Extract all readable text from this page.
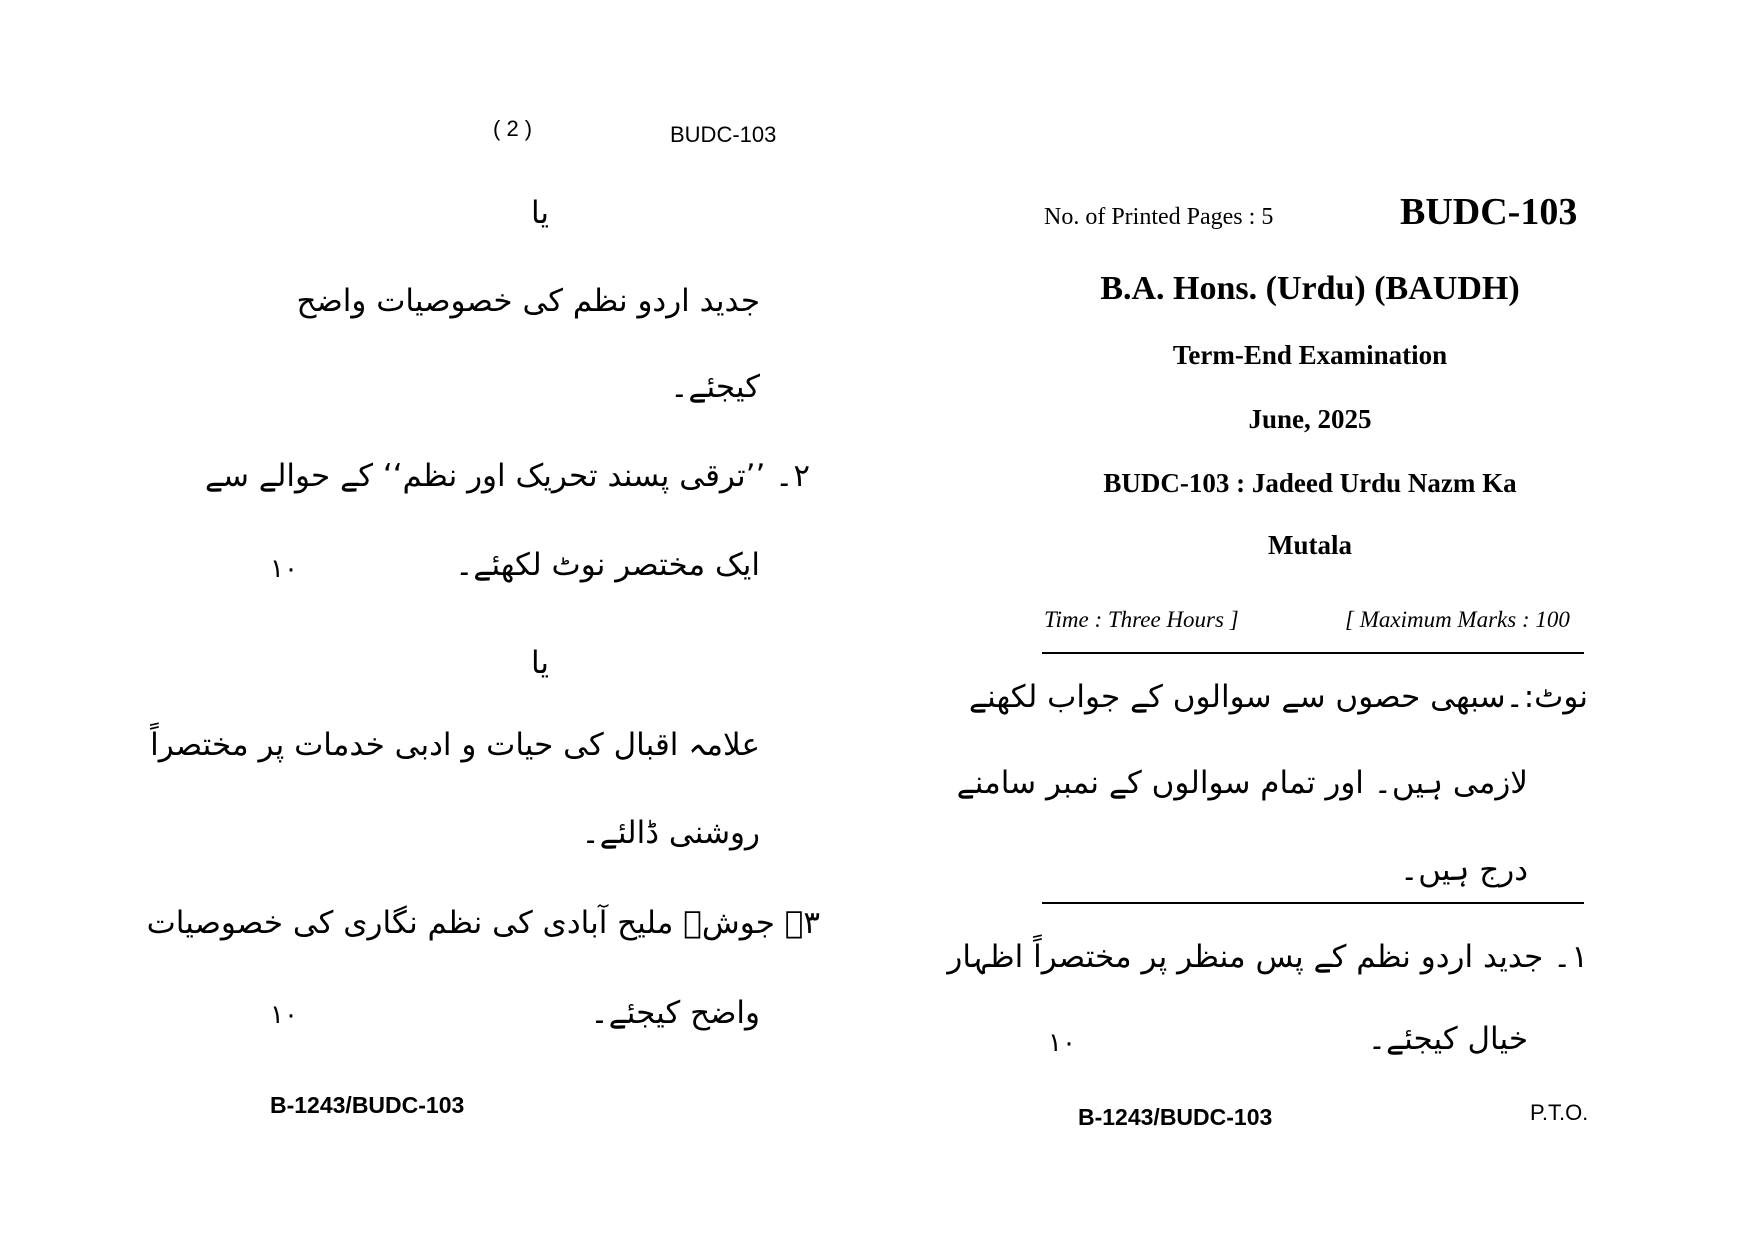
( 2 )	BUDC-103
یا
جدید اردو نظم کی خصوصیات واضح
کیجئے۔
۲۔ ’’ترقی پسند تحریک اور نظم‘‘ کے حوالے سے
ایک مختصر نوٹ لکھئے۔
۱۰
یا
علامہ اقبال کی حیات و ادبی خدمات پر مختصراً
روشنی ڈالئے۔
۳۔ جوشؔ ملیح آبادی کی نظم نگاری کی خصوصیات
واضح کیجئے۔
۱۰
B-1243/BUDC-103
No. of Printed Pages : 5	BUDC-103
B.A. Hons. (Urdu) (BAUDH)
Term-End Examination
June, 2025
BUDC-103 : Jadeed Urdu Nazm Ka
Mutala
Time : Three Hours ]	[ Maximum Marks : 100
نوٹ:۔سبھی حصوں سے سوالوں کے جواب لکھنے
لازمی ہیں۔ اور تمام سوالوں کے نمبر سامنے
درج ہیں۔
۱۔ جدید اردو نظم کے پس منظر پر مختصراً اظہار
خیال کیجئے۔
۱۰
B-1243/BUDC-103	P.T.O.
